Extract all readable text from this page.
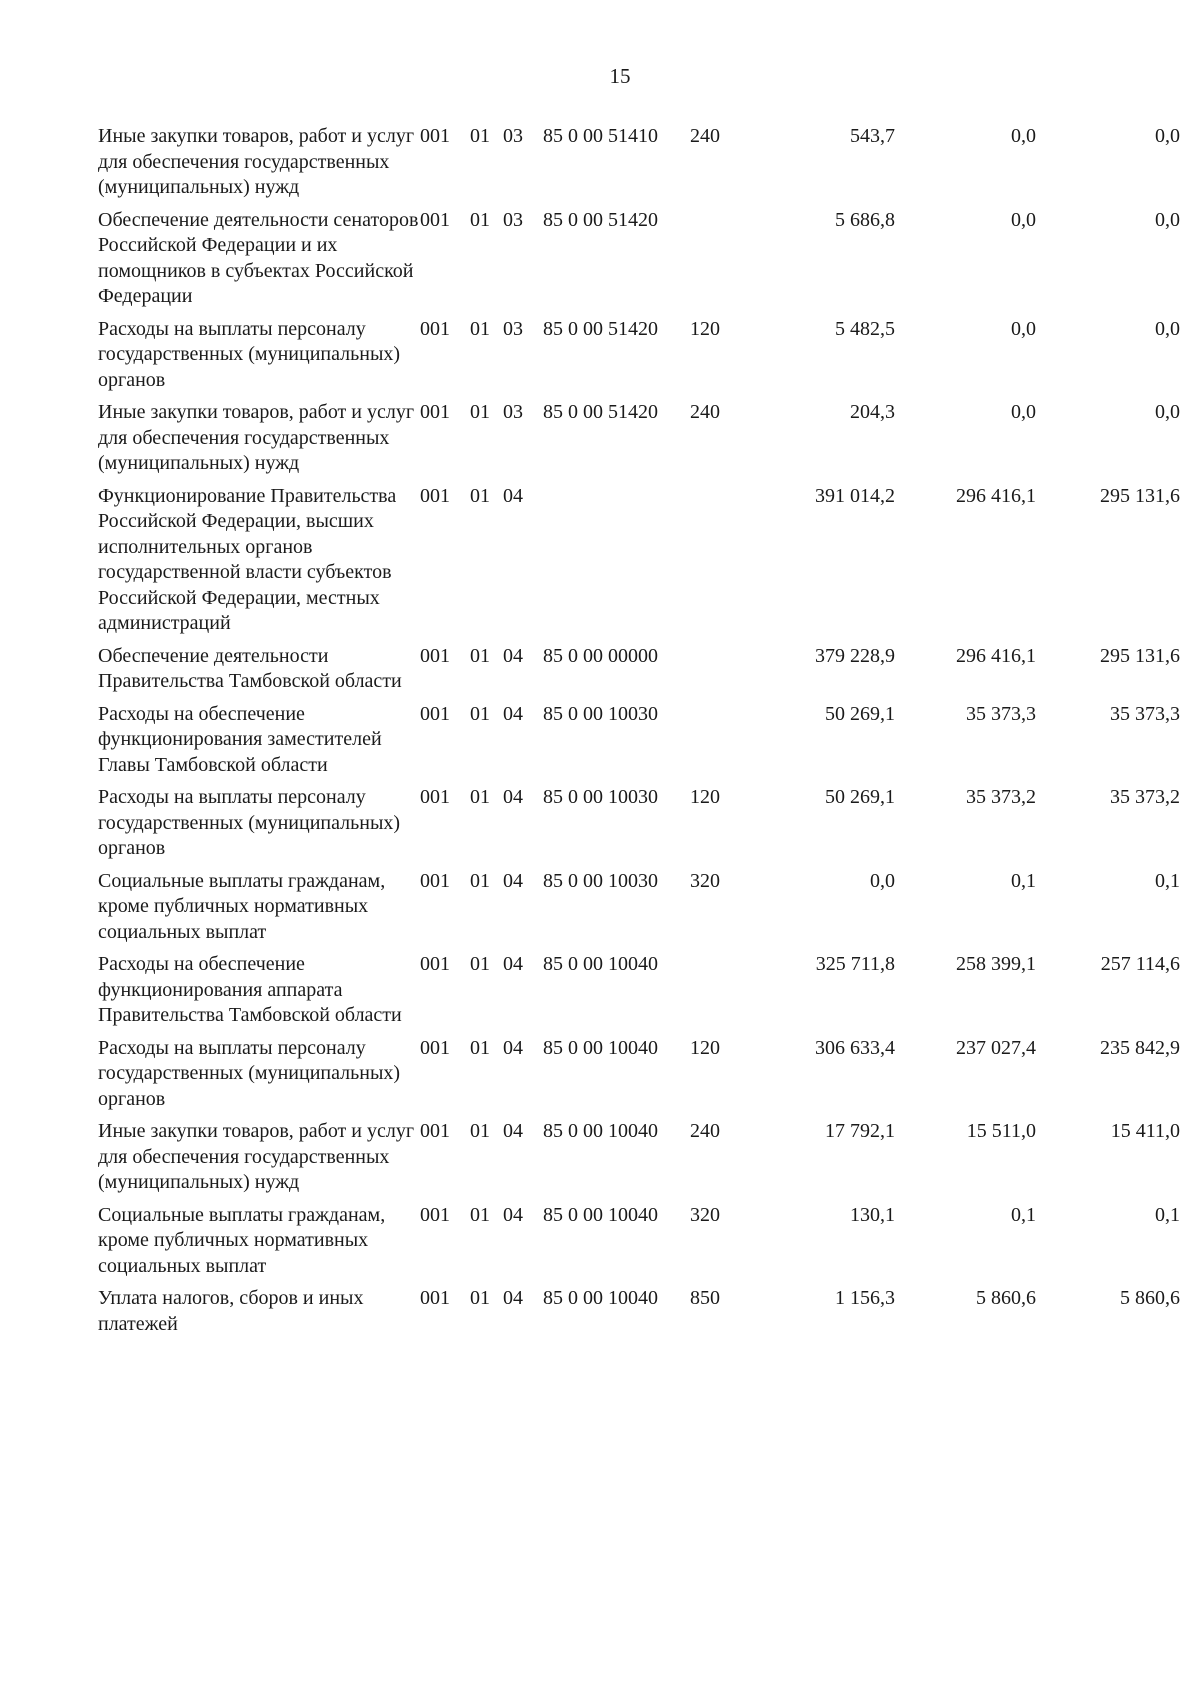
15
Иные закупки товаров, работ и услуг для обеспечения государственных (муниципальных) нужд	001	01	03	85 0 00 51410	240	543,7	0,0	0,0
Обеспечение деятельности сенаторов Российской Федерации и их помощников в субъектах Российской Федерации	001	01	03	85 0 00 51420		5 686,8	0,0	0,0
Расходы на выплаты персоналу государственных (муниципальных) органов	001	01	03	85 0 00 51420	120	5 482,5	0,0	0,0
Иные закупки товаров, работ и услуг для обеспечения государственных (муниципальных) нужд	001	01	03	85 0 00 51420	240	204,3	0,0	0,0
Функционирование Правительства Российской Федерации, высших исполнительных органов государственной власти субъектов Российской Федерации, местных администраций	001	01	04			391 014,2	296 416,1	295 131,6
Обеспечение деятельности Правительства Тамбовской области	001	01	04	85 0 00 00000		379 228,9	296 416,1	295 131,6
Расходы на обеспечение функционирования заместителей Главы Тамбовской области	001	01	04	85 0 00 10030		50 269,1	35 373,3	35 373,3
Расходы на выплаты персоналу государственных (муниципальных) органов	001	01	04	85 0 00 10030	120	50 269,1	35 373,2	35 373,2
Социальные выплаты гражданам, кроме публичных нормативных социальных выплат	001	01	04	85 0 00 10030	320	0,0	0,1	0,1
Расходы на обеспечение функционирования аппарата Правительства Тамбовской области	001	01	04	85 0 00 10040		325 711,8	258 399,1	257 114,6
Расходы на выплаты персоналу государственных (муниципальных) органов	001	01	04	85 0 00 10040	120	306 633,4	237 027,4	235 842,9
Иные закупки товаров, работ и услуг для обеспечения государственных (муниципальных) нужд	001	01	04	85 0 00 10040	240	17 792,1	15 511,0	15 411,0
Социальные выплаты гражданам, кроме публичных нормативных социальных выплат	001	01	04	85 0 00 10040	320	130,1	0,1	0,1
Уплата налогов, сборов и иных платежей	001	01	04	85 0 00 10040	850	1 156,3	5 860,6	5 860,6
